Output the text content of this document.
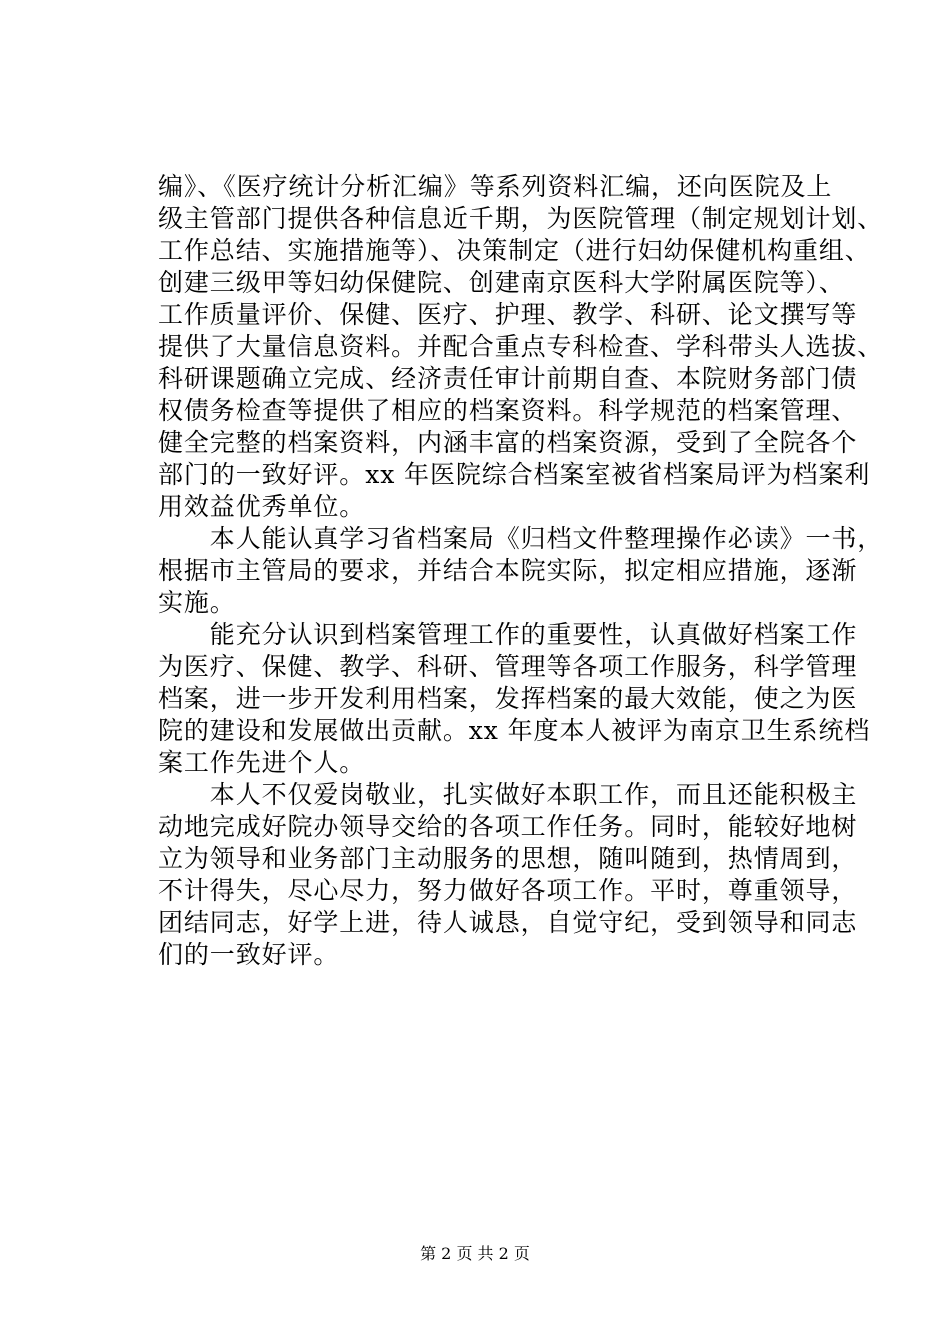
编》、《医疗统计分析汇编》等系列资料汇编，还向医院及上
级主管部门提供各种信息近千期，为医院管理（制定规划计划、
工作总结、实施措施等）、决策制定（进行妇幼保健机构重组、
创建三级甲等妇幼保健院、创建南京医科大学附属医院等）、
工作质量评价、保健、医疗、护理、教学、科研、论文撰写等
提供了大量信息资料。并配合重点专科检查、学科带头人选拔、
科研课题确立完成、经济责任审计前期自查、本院财务部门债
权债务检查等提供了相应的档案资料。科学规范的档案管理、
健全完整的档案资料，内涵丰富的档案资源，受到了全院各个
部门的一致好评。xx 年医院综合档案室被省档案局评为档案利
用效益优秀单位。
　　本人能认真学习省档案局《归档文件整理操作必读》一书，
根据市主管局的要求，并结合本院实际，拟定相应措施，逐渐
实施。
　　能充分认识到档案管理工作的重要性，认真做好档案工作
为医疗、保健、教学、科研、管理等各项工作服务，科学管理
档案，进一步开发利用档案，发挥档案的最大效能，使之为医
院的建设和发展做出贡献。xx 年度本人被评为南京卫生系统档
案工作先进个人。
　　本人不仅爱岗敬业，扎实做好本职工作，而且还能积极主
动地完成好院办领导交给的各项工作任务。同时，能较好地树
立为领导和业务部门主动服务的思想，随叫随到，热情周到，
不计得失，尽心尽力，努力做好各项工作。平时，尊重领导，
团结同志，好学上进，待人诚恳，自觉守纪，受到领导和同志
们的一致好评。
第 2 页 共 2 页
